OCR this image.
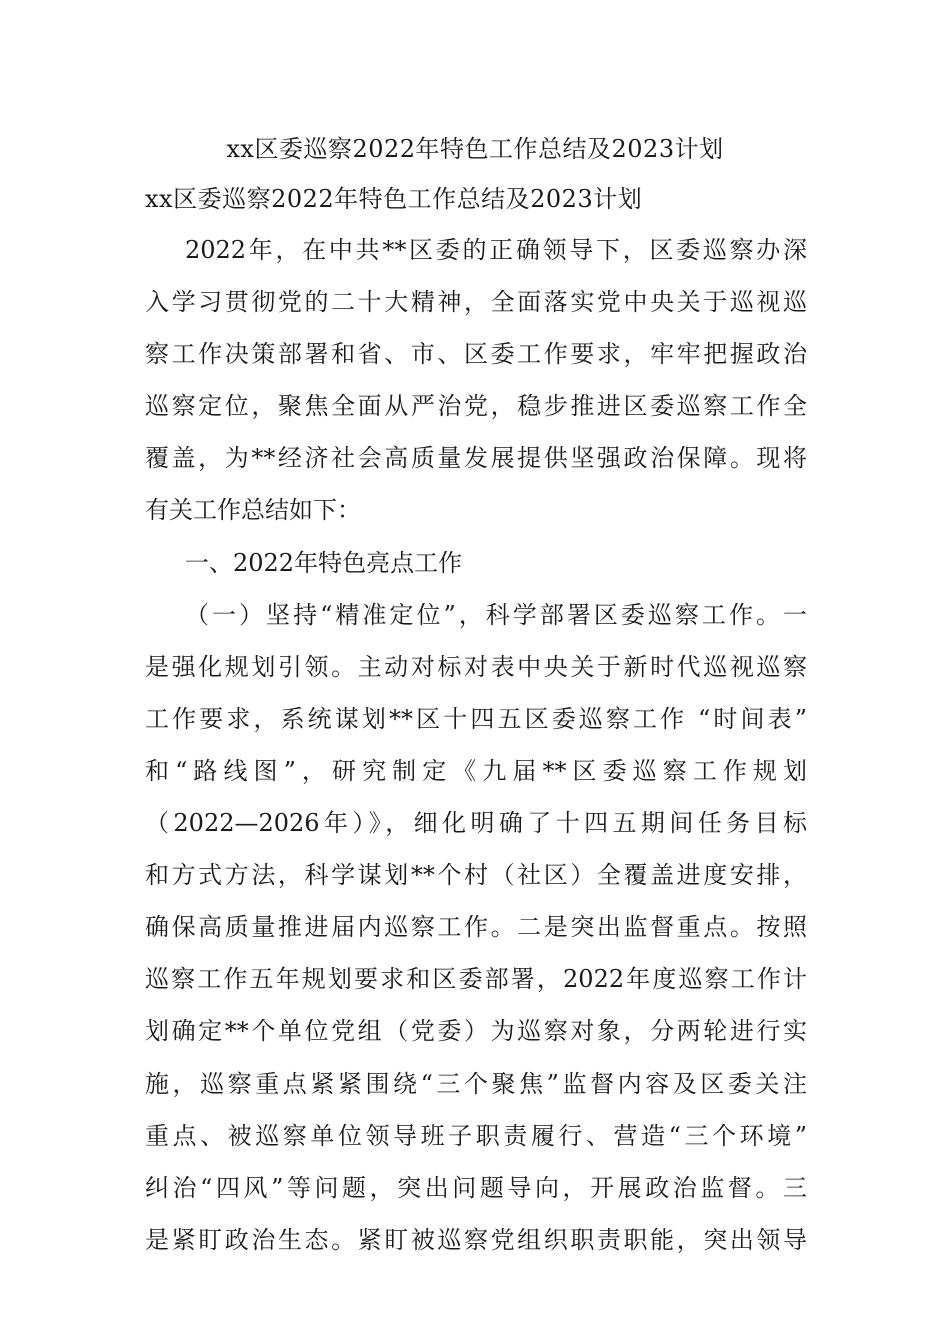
xx区委巡察2022年特色工作总结及2023计划

xx区委巡察2022年特色工作总结及2023计划

2022年，在中共**区委的正确领导下，区委巡察办深
入学习贯彻党的二十大精神，全面落实党中央关于巡视巡
察工作决策部署和省、市、区委工作要求，牢牢把握政治
巡察定位，聚焦全面从严治党，稳步推进区委巡察工作全
覆盖，为**经济社会高质量发展提供坚强政治保障。现将
有关工作总结如下：
一、2022年特色亮点工作
（一）坚持“精准定位”，科学部署区委巡察工作。一
是强化规划引领。主动对标对表中央关于新时代巡视巡察
工作要求，系统谋划**区十四五区委巡察工作 “时间表”
和“路线图”，研究制定《九届**区委巡察工作规划
（2022—2026年）》，细化明确了十四五期间任务目标
和方式方法，科学谋划**个村（社区）全覆盖进度安排，
确保高质量推进届内巡察工作。二是突出监督重点。按照
巡察工作五年规划要求和区委部署，2022年度巡察工作计
划确定**个单位党组（党委）为巡察对象，分两轮进行实
施，巡察重点紧紧围绕“三个聚焦”监督内容及区委关注
重点、被巡察单位领导班子职责履行、营造“三个环境”
纠治“四风”等问题，突出问题导向，开展政治监督。三
是紧盯政治生态。紧盯被巡察党组织职责职能，突出领导
